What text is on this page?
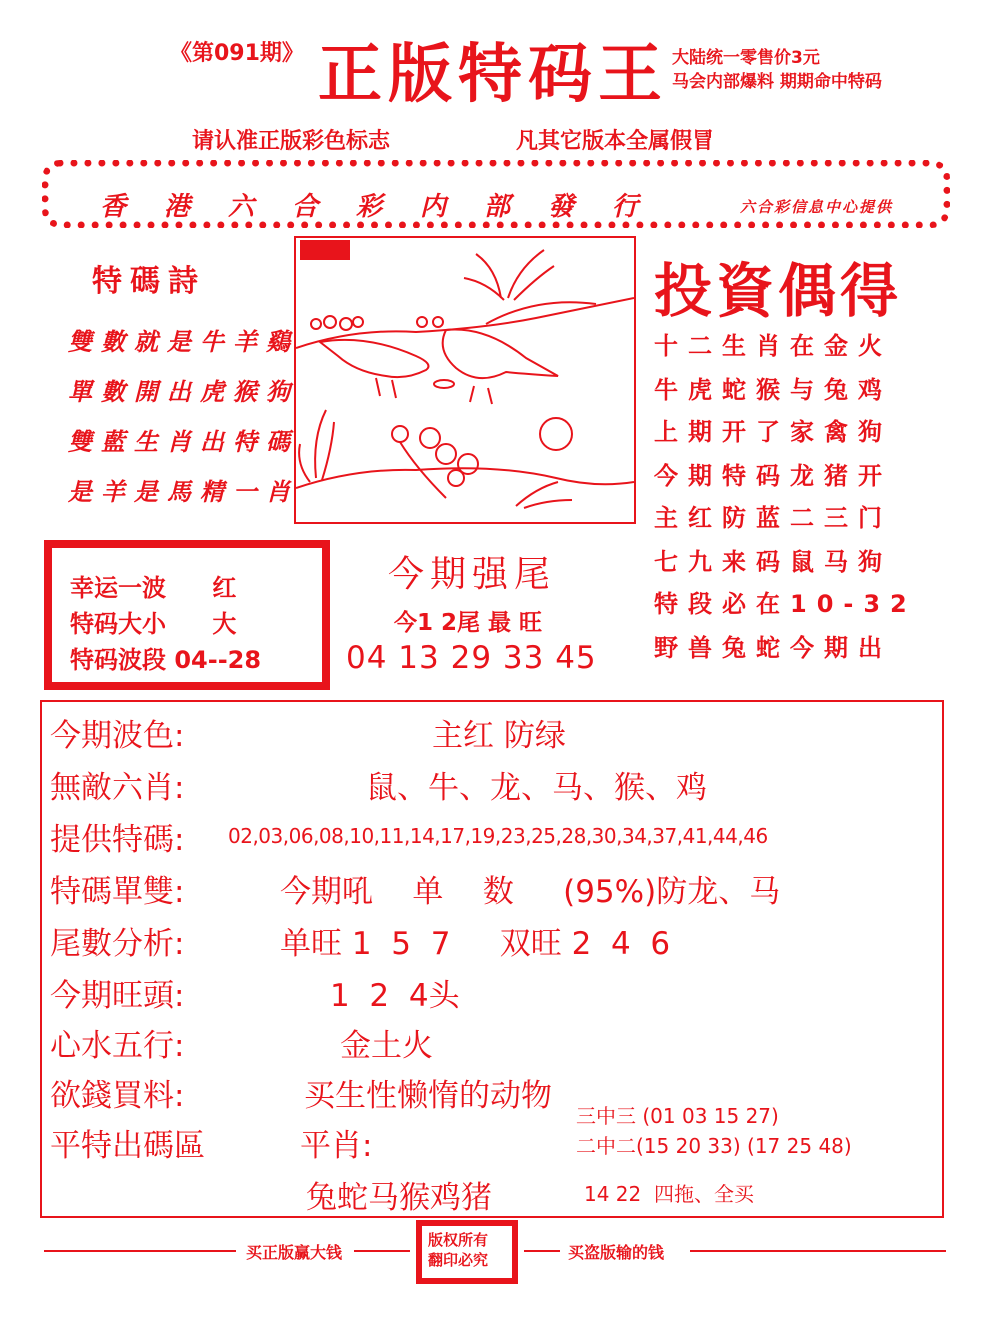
《第091期》 正版特码王 大陆统一零售价3元
马会内部爆料 期期命中特码
请认准正版彩色标志	凡其它版本全属假冒
香港六合彩内部發行	六合彩信息中心提供
特碼詩
雙數就是牛羊鷄
單數開出虎猴狗
雙藍生肖出特碼
是羊是馬精一肖
投資偶得
十二生肖在金火
牛虎蛇猴与兔鸡
上期开了家禽狗
今期特码龙猪开
主红防蓝二三门
七九来码鼠马狗
特段必在10-32
野兽兔蛇今期出
幸运一波 红
特码大小 大
特码波段 04--28
今期强尾
今1 2尾 最 旺
04 13 29 33 45
今期波色:	主红 防绿
無敵六肖:	鼠、牛、龙、马、猴、鸡
提供特碼: 02,03,06,08,10,11,14,17,19,23,25,28,30,34,37,41,44,46
特碼單雙:	今期吼    单    数     (95%)防龙、马
尾數分析:	单旺 1  5  7     双旺 2  4  6
今期旺頭:	1  2  4头
心水五行:	金土火
欲錢買料:	买生性懒惰的动物
平特出碼區	平肖:
三中三 (01 03 15 27)
二中二(15 20 33) (17 25 48)
兔蛇马猴鸡猪	14 22  四拖、全买
买正版赢大钱
版权所有
翻印必究	买盗版输的钱
